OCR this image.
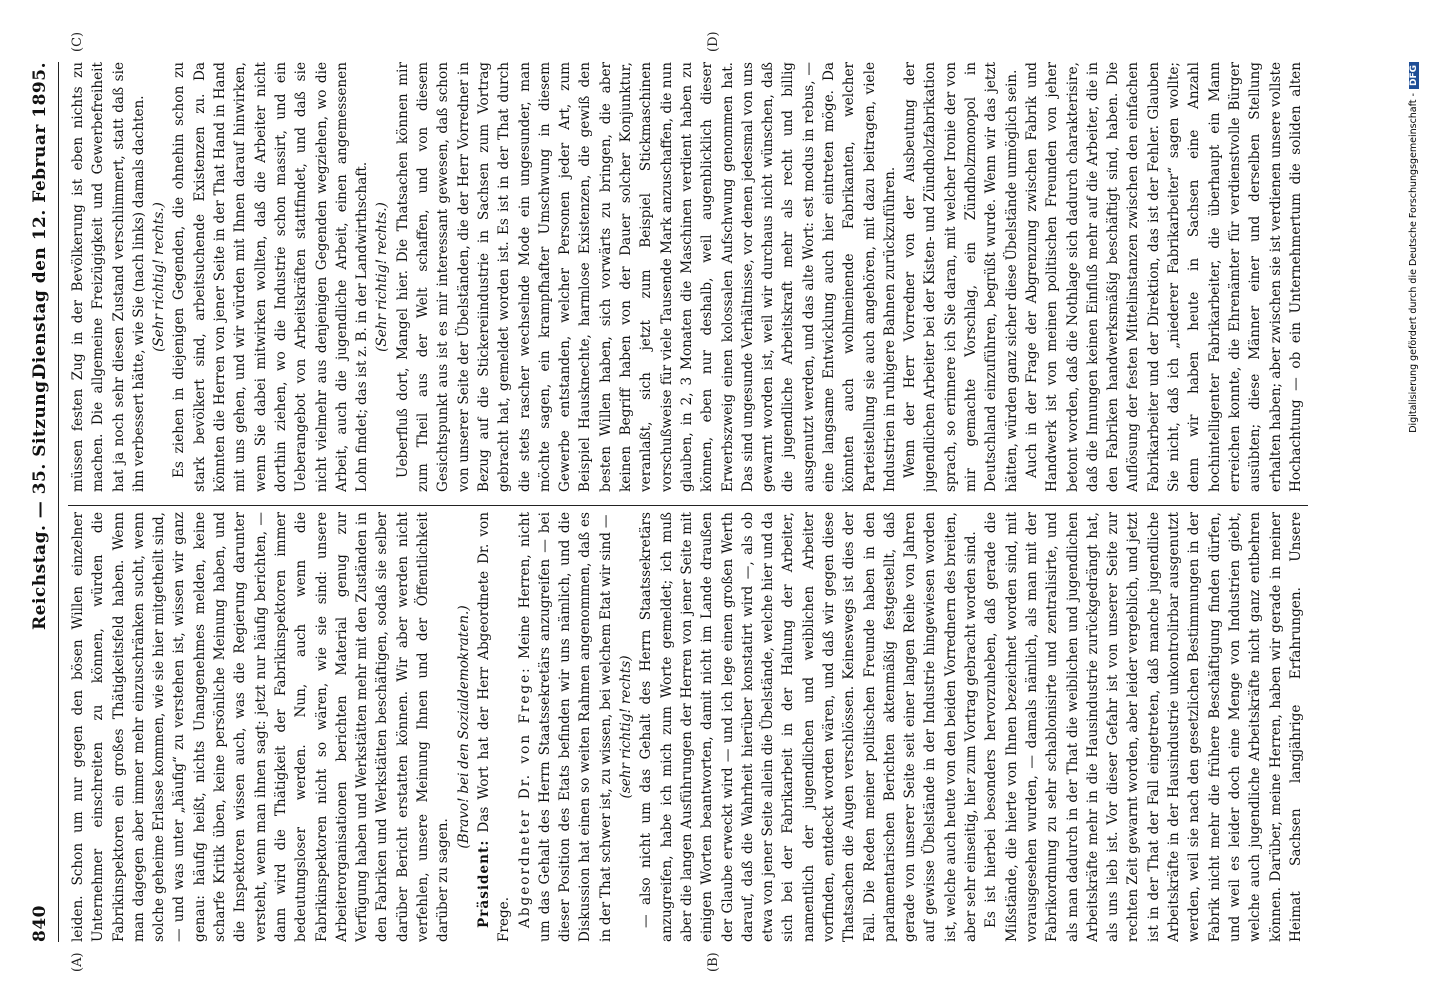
840
Reichstag. — 35. Sitzung.
Dienstag den 12. Februar 1895.
(A)	(B)
(C)	(D)

leiden. Schon um nur gegen den bösen Willen einzelner Unternehmer einschreiten zu können, würden die Fabrikinspektoren ein großes Thätigkeitsfeld haben. Wenn man dagegen aber immer mehr einzuschränken sucht, wenn solche geheime Erlasse kommen, wie sie hier mitgetheilt sind, — und was unter „häufig“ zu verstehen ist, wissen wir ganz genau: häufig heißt, nichts Unangenehmes melden, keine scharfe Kritik üben, keine persönliche Meinung haben, und die Inspektoren wissen auch, was die Regierung darunter versteht, wenn man ihnen sagt: jetzt nur häufig berichten, — dann wird die Thätigkeit der Fabrikinspektoren immer bedeutungsloser werden. Nun, auch wenn die Fabrikinspektoren nicht so wären, wie sie sind: unsere Arbeiterorganisationen berichten Material genug zur Verfügung haben und Werkstätten mehr mit den Zuständen in den Fabriken und Werkstätten beschäftigen, sodaß sie selber darüber Bericht erstatten können. Wir aber werden nicht verfehlen, unsere Meinung Ihnen und der Öffentlichkeit darüber zu sagen.

(Bravo! bei den Sozialdemokraten.)

Präsident: Das Wort hat der Herr Abgeordnete Dr. von Frege. Abgeordneter Dr. von Frege: Meine Herren, nicht um das Gehalt des Herrn Staatssekretärs anzugreifen — bei dieser Position des Etats befinden wir uns nämlich, und die Diskussion hat einen so weiten Rahmen angenommen, daß es in der That schwer ist, zu wissen, bei welchem Etat wir sind — (sehr richtig! rechts) — also nicht um das Gehalt des Herrn Staatssekretärs anzugreifen, habe ich mich zum Worte gemeldet; ich muß aber die langen Ausführungen der Herren von jener Seite mit einigen Worten beantworten, damit nicht im Lande draußen der Glaube erweckt wird — und ich lege einen großen Werth darauf, daß die Wahrheit hierüber konstatirt wird —, als ob etwa von jener Seite allein die Übelstände, welche hier und da sich bei der Fabrikarbeit in der Haltung der Arbeiter, namentlich der jugendlichen und weiblichen Arbeiter vorfinden, entdeckt worden wären, und daß wir gegen diese Thatsachen die Augen verschlössen. Keineswegs ist dies der Fall. Die Reden meiner politischen Freunde haben in den parlamentarischen Berichten aktenmäßig festgestellt, daß gerade von unserer Seite seit einer langen Reihe von Jahren auf gewisse Übelstände in der Industrie hingewiesen worden ist, welche auch heute von den beiden Vorrednern des breiten, aber sehr einseitig, hier zum Vortrag gebracht worden sind. Es ist hierbei besonders hervorzuheben, daß gerade die Mißstände, die hierte von Ihnen bezeichnet worden sind, mit vorausgesehen wurden, — damals nämlich, als man mit der Fabrikordnung zu sehr schablonisirte und zentralisirte, und als man dadurch in der That die weiblichen und jugendlichen Arbeitskräfte mehr in die Hausindustrie zurückgedrängt hat, als uns lieb ist. Vor dieser Gefahr ist von unserer Seite zur rechten Zeit gewarnt worden, aber leider vergeblich, und jetzt ist in der That der Fall eingetreten, daß manche jugendliche Arbeitskräfte in der Hausindustrie unkontrolirbar ausgenutzt werden, weil sie nach den gesetzlichen Bestimmungen in der Fabrik nicht mehr die frühere Beschäftigung finden dürfen, und weil es leider doch eine Menge von Industrien giebt, welche auch jugendliche Arbeitskräfte nicht ganz entbehren können. Darüber, meine Herren, haben wir gerade in meiner Heimat Sachsen langjährige Erfahrungen. Unsere

müssen festen Zug in der Bevölkerung ist eben nichts zu machen. Die allgemeine Freizügigkeit und Gewerbefreiheit hat ja noch sehr diesen Zustand verschlimmert, statt daß sie ihn verbessert hätte, wie Sie (nach links) damals dachten. (Sehr richtig! rechts.) Es ziehen in diejenigen Gegenden, die ohnehin schon zu stark bevölkert sind, arbeitsuchende Existenzen zu. Da könnten die Herren von jener Seite in der That Hand in Hand mit uns gehen, und wir würden mit Ihnen darauf hinwirken, wenn Sie dabei mitwirken wollten, daß die Arbeiter nicht dorthin ziehen, wo die Industrie schon massirt, und ein Ueberangebot von Arbeitskräften stattfindet, und daß sie nicht vielmehr aus denjenigen Gegenden wegziehen, wo die Arbeit, auch die jugendliche Arbeit, einen angemessenen Lohn findet; das ist z. B. in der Landwirthschaft. (Sehr richtig! rechts.) Ueberfluß dort, Mangel hier. Die Thatsachen können mir zum Theil aus der Welt schaffen, und von diesem Gesichtspunkt aus ist es mir interessant gewesen, daß schon von unserer Seite der Übelständen, die der Herr Vorredner in Bezug auf die Stickereiindustrie in Sachsen zum Vortrag gebracht hat, gemeldet worden ist. Es ist in der That durch die stets rascher wechselnde Mode ein ungesunder, man möchte sagen, ein krampfhafter Umschwung in diesem Gewerbe entstanden, welcher Personen jeder Art, zum Beispiel Hausknechte, harmlose Existenzen, die gewiß den besten Willen haben, sich vorwärts zu bringen, die aber keinen Begriff haben von der Dauer solcher Konjunktur, veranlaßt, sich jetzt zum Beispiel Stickmaschinen vorschußweise für viele Tausende Mark anzuschaffen, die nun glauben, in 2, 3 Monaten die Maschinen verdient haben zu können, eben nur deshalb, weil augenblicklich dieser Erwerbszweig einen kolossalen Aufschwung genommen hat. Das sind ungesunde Verhältnisse, vor denen jedesmal von uns gewarnt worden ist, weil wir durchaus nicht wünschen, daß die jugendliche Arbeitskraft mehr als recht und billig ausgenutzt werden, und das alte Wort: est modus in rebus, — eine langsame Entwicklung auch hier eintreten möge. Da könnten auch wohlmeinende Fabrikanten, welcher Parteistellung sie auch angehören, mit dazu beitragen, viele Industrien in ruhigere Bahnen zurückzuführen. Wenn der Herr Vorredner von der Ausbeutung der jugendlichen Arbeiter bei der Kisten- und Zündholzfabrikation sprach, so erinnere ich Sie daran, mit welcher Ironie der von mir gemachte Vorschlag, ein Zündholzmonopol in Deutschland einzuführen, begrüßt wurde. Wenn wir das jetzt hätten, würden ganz sicher diese Übelstände unmöglich sein. Auch in der Frage der Abgrenzung zwischen Fabrik und Handwerk ist von meinen politischen Freunden von jeher betont worden, daß die Nothlage sich dadurch charakterisire, daß die Innungen keinen Einfluß mehr auf die Arbeiter, die in den Fabriken handwerksmäßig beschäftigt sind, haben. Die Auflösung der festen Mittelinstanzen zwischen den einfachen Fabrikarbeiter und der Direktion, das ist der Fehler. Glauben Sie nicht, daß ich „niederer Fabrikarbeiter“ sagen wollte; denn wir haben heute in Sachsen eine Anzahl hochintelligenter Fabrikarbeiter, die überhaupt ein Mann erreichen konnte, die Ehrenämter für verdienstvolle Bürger ausübten; diese Männer einer und derselben Stellung erhalten haben; aber zwischen sie ist verdienen unsere vollste Hochachtung — ob ein Unternehmertum die soliden alten

Digitalisierung gefördert durch die Deutsche Forschungsgemeinschaft -DFG
